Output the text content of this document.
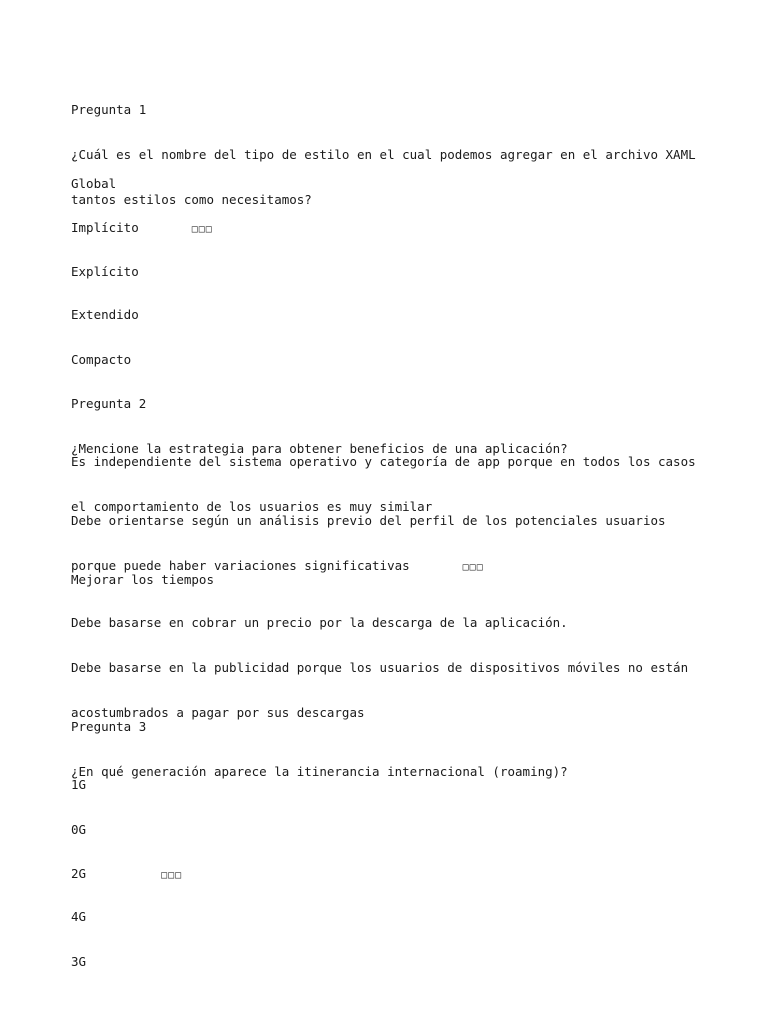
Pregunta 1

¿Cuál es el nombre del tipo de estilo en el cual podemos agregar en el archivo XAML

tantos estilos como necesitamos?

Global

Implícito	□□□

Explícito

Extendido

Compacto

Pregunta 2

¿Mencione la estrategia para obtener beneficios de una aplicación?

Es independiente del sistema operativo y categoría de app porque en todos los casos

el comportamiento de los usuarios es muy similar

Debe orientarse según un análisis previo del perfil de los potenciales usuarios

porque puede haber variaciones significativas	□□□

Mejorar los tiempos

Debe basarse en cobrar un precio por la descarga de la aplicación.

Debe basarse en la publicidad porque los usuarios de dispositivos móviles no están

acostumbrados a pagar por sus descargas

Pregunta 3

¿En qué generación aparece la itinerancia internacional (roaming)?

1G

0G

2G	□□□

4G

3G
